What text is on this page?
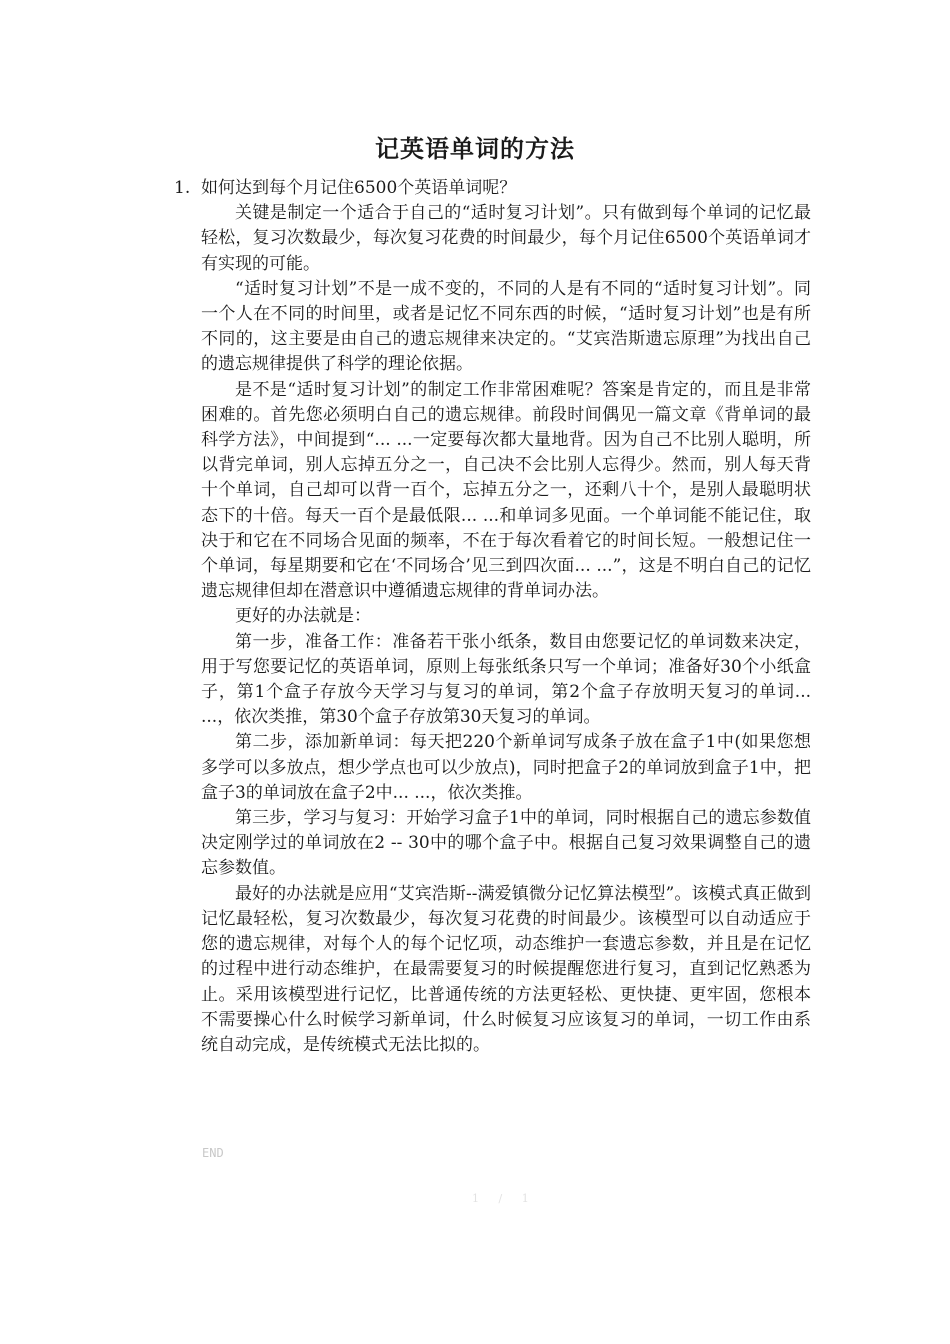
记英语单词的方法
1. 如何达到每个月记住6500个英语单词呢？

关键是制定一个适合于自己的“适时复习计划”。只有做到每个单词的记忆最轻松，复习次数最少，每次复习花费的时间最少，每个月记住6500个英语单词才有实现的可能。

“适时复习计划”不是一成不变的，不同的人是有不同的“适时复习计划”。同一个人在不同的时间里，或者是记忆不同东西的时候，“适时复习计划”也是有所不同的，这主要是由自己的遗忘规律来决定的。“艾宾浩斯遗忘原理”为找出自己的遗忘规律提供了科学的理论依据。

是不是“适时复习计划”的制定工作非常困难呢？答案是肯定的，而且是非常困难的。首先您必须明白自己的遗忘规律。前段时间偶见一篇文章《背单词的最科学方法》，中间提到“... ...一定要每次都大量地背。因为自己不比别人聪明，所以背完单词，别人忘掉五分之一，自己决不会比别人忘得少。然而，别人每天背十个单词，自己却可以背一百个，忘掉五分之一，还剩八十个，是别人最聪明状态下的十倍。每天一百个是最低限... ...和单词多见面。一个单词能不能记住，取决于和它在不同场合见面的频率，不在于每次看着它的时间长短。一般想记住一个单词，每星期要和它在‘不同场合’见三到四次面... ...”，这是不明白自己的记忆遗忘规律但却在潜意识中遵循遗忘规律的背单词办法。

更好的办法就是：

第一步，准备工作：准备若干张小纸条，数目由您要记忆的单词数来决定，用于写您要记忆的英语单词，原则上每张纸条只写一个单词；准备好30个小纸盒子，第1个盒子存放今天学习与复习的单词，第2个盒子存放明天复习的单词... ...，依次类推，第30个盒子存放第30天复习的单词。

第二步，添加新单词：每天把220个新单词写成条子放在盒子1中(如果您想多学可以多放点，想少学点也可以少放点)，同时把盒子2的单词放到盒子1中，把盒子3的单词放在盒子2中... ...，依次类推。

第三步，学习与复习：开始学习盒子1中的单词，同时根据自己的遗忘参数值决定刚学过的单词放在2 -- 30中的哪个盒子中。根据自己复习效果调整自己的遗忘参数值。

最好的办法就是应用“艾宾浩斯--满爱镇微分记忆算法模型”。该模式真正做到记忆最轻松，复习次数最少，每次复习花费的时间最少。该模型可以自动适应于您的遗忘规律，对每个人的每个记忆项，动态维护一套遗忘参数，并且是在记忆的过程中进行动态维护，在最需要复习的时候提醒您进行复习，直到记忆熟悉为止。采用该模型进行记忆，比普通传统的方法更轻松、更快捷、更牢固，您根本不需要操心什么时候学习新单词，什么时候复习应该复习的单词，一切工作由系统自动完成，是传统模式无法比拟的。

END
1 / 1
